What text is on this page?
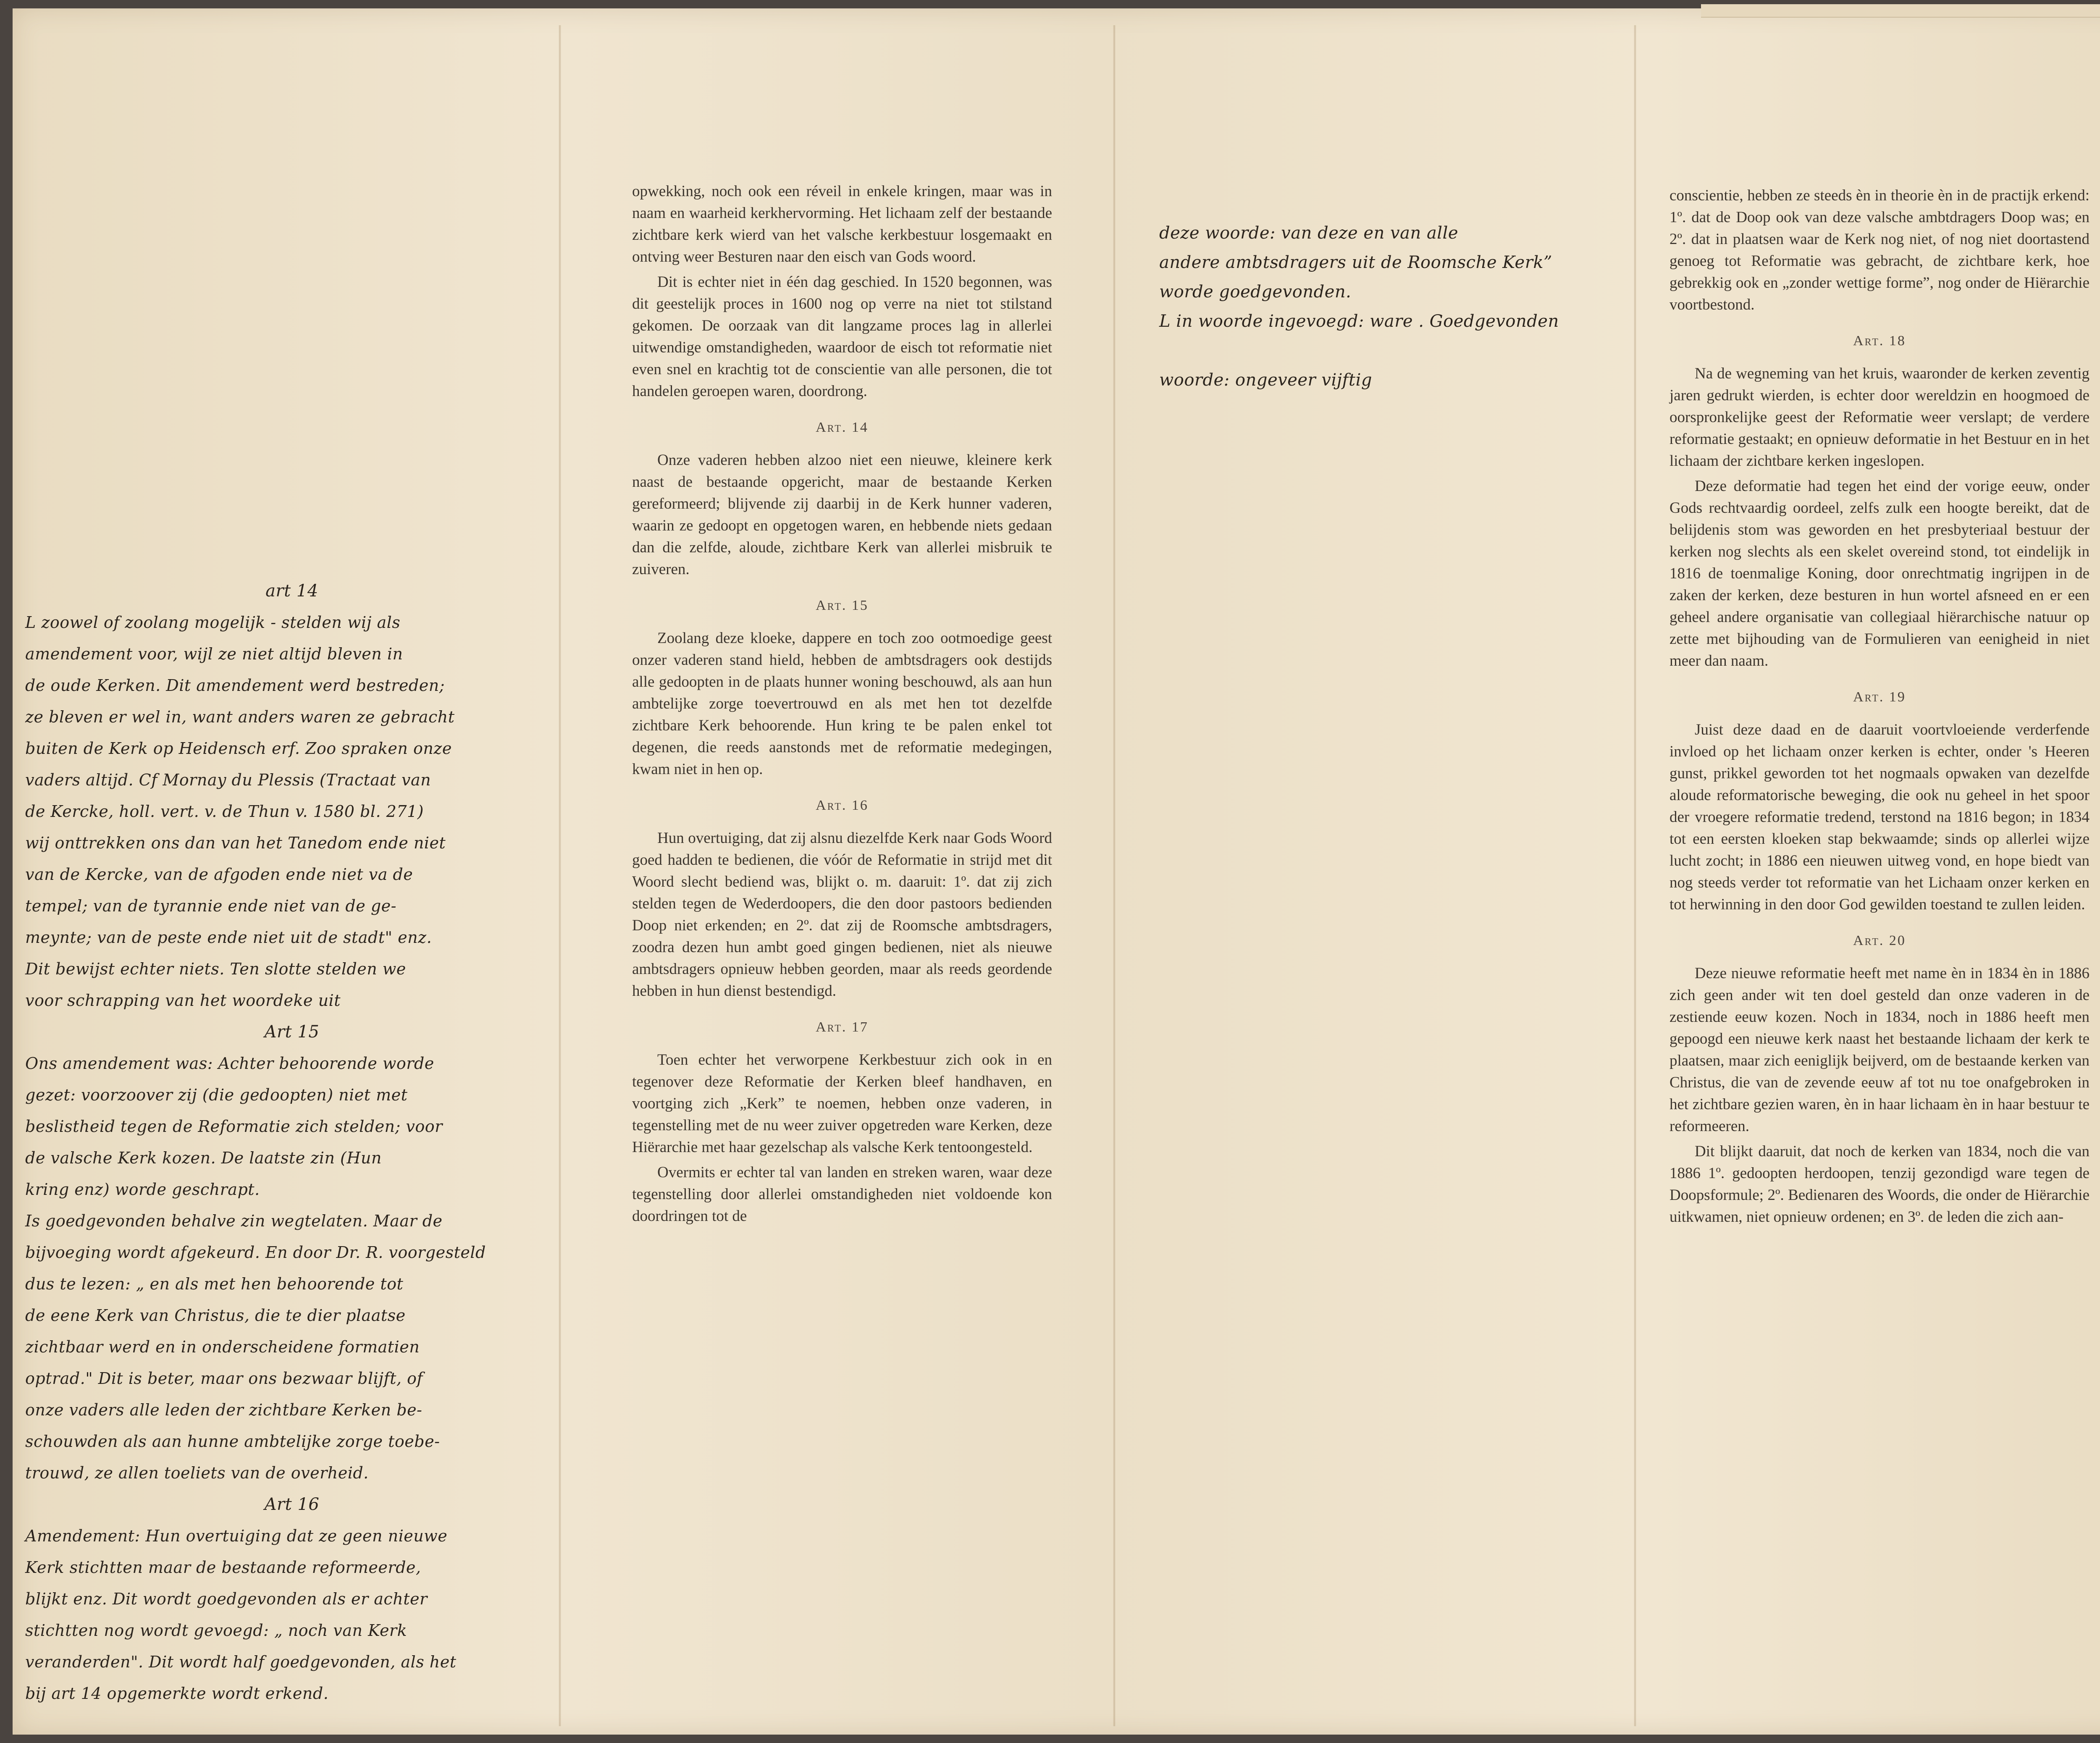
art 14
L zoowel of zoolang mogelijk - stelden wij als
amendement voor, wijl ze niet altijd bleven in
de oude Kerken. Dit amendement werd bestreden;
ze bleven er wel in, want anders waren ze gebracht
buiten de Kerk op Heidensch erf. Zoo spraken onze
vaders altijd. Cf Mornay du Plessis (Tractaat van
de Kercke, holl. vert. v. de Thun v. 1580 bl. 271)
wij onttrekken ons dan van het Tanedom ende niet
van de Kercke, van de afgoden ende niet va de
tempel; van de tyrannie ende niet van de ge-
meynte; van de peste ende niet uit de stadt" enz.
Dit bewijst echter niets. Ten slotte stelden we
voor schrapping van het woordeke uit
Art 15
Ons amendement was: Achter behoorende worde
gezet: voorzoover zij (die gedoopten) niet met
beslistheid tegen de Reformatie zich stelden; voor
de valsche Kerk kozen. De laatste zin (Hun
kring enz) worde geschrapt.
Is goedgevonden behalve zin wegtelaten. Maar de
bijvoeging wordt afgekeurd. En door Dr. R. voorgesteld
dus te lezen: „ en als met hen behoorende tot
de eene Kerk van Christus, die te dier plaatse
zichtbaar werd en in onderscheidene formatien
optrad." Dit is beter, maar ons bezwaar blijft, of
onze vaders alle leden der zichtbare Kerken be-
schouwden als aan hunne ambtelijke zorge toebe-
trouwd, ze allen toeliets van de overheid.
Art 16
Amendement: Hun overtuiging dat ze geen nieuwe
Kerk stichtten maar de bestaande reformeerde,
blijkt enz. Dit wordt goedgevonden als er achter
stichtten nog wordt gevoegd: „ noch van Kerk
veranderden". Dit wordt half goedgevonden, als het
bij art 14 opgemerkte wordt erkend.

opwekking, noch ook een réveil in enkele kringen, maar was in naam en waarheid kerkhervorming. Het lichaam zelf der bestaande zichtbare kerk wierd van het valsche kerkbestuur losgemaakt en ontving weer Besturen naar den eisch van Gods woord.

Dit is echter niet in één dag geschied. In 1520 begonnen, was dit geestelijk proces in 1600 nog op verre na niet tot stilstand gekomen. De oorzaak van dit langzame proces lag in allerlei uitwendige omstandigheden, waardoor de eisch tot reformatie niet even snel en krachtig tot de conscientie van alle personen, die tot handelen geroepen waren, doordrong.

Art. 14

Onze vaderen hebben alzoo niet een nieuwe, kleinere kerk naast de bestaande opgericht, maar de bestaande Kerken gereformeerd; blijvende zij daarbij in de Kerk hunner vaderen, waarin ze gedoopt en opgetogen waren, en hebbende niets gedaan dan die zelfde, aloude, zichtbare Kerk van allerlei misbruik te zuiveren.

Art. 15

Zoolang deze kloeke, dappere en toch zoo ootmoedige geest onzer vaderen stand hield, hebben de ambtsdragers ook destijds alle gedoopten in de plaats hunner woning beschouwd, als aan hun ambtelijke zorge toevertrouwd en als met hen tot dezelfde zichtbare Kerk behoorende. Hun kring te be palen enkel tot degenen, die reeds aanstonds met de reformatie medegingen, kwam niet in hen op.

Art. 16

Hun overtuiging, dat zij alsnu diezelfde Kerk naar Gods Woord goed hadden te bedienen, die vóór de Reformatie in strijd met dit Woord slecht bediend was, blijkt o. m. daaruit: 1º. dat zij zich stelden tegen de Wederdoopers, die den door pastoors bedienden Doop niet erkenden; en 2º. dat zij de Roomsche ambtsdragers, zoodra dezen hun ambt goed gingen bedienen, niet als nieuwe ambtsdragers opnieuw hebben georden, maar als reeds geordende hebben in hun dienst bestendigd.

Art. 17

Toen echter het verworpene Kerkbestuur zich ook in en tegenover deze Reformatie der Kerken bleef handhaven, en voortging zich „Kerk” te noemen, hebben onze vaderen, in tegenstelling met de nu weer zuiver opgetreden ware Kerken, deze Hiërarchie met haar gezelschap als valsche Kerk tentoongesteld.

Overmits er echter tal van landen en streken waren, waar deze tegenstelling door allerlei omstandigheden niet voldoende kon doordringen tot de

deze woorde: van deze en van alle
andere ambtsdragers uit de Roomsche Kerk”
worde goedgevonden.
L in woorde ingevoegd: ware . Goedgevonden

woorde: ongeveer vijftig

conscientie, hebben ze steeds èn in theorie èn in de practijk erkend: 1º. dat de Doop ook van deze valsche ambtdragers Doop was; en 2º. dat in plaatsen waar de Kerk nog niet, of nog niet doortastend genoeg tot Reformatie was gebracht, de zichtbare kerk, hoe gebrekkig ook en „zonder wettige forme”, nog onder de Hiërarchie voortbestond.

Art. 18

Na de wegneming van het kruis, waaronder de kerken zeventig jaren gedrukt wierden, is echter door wereldzin en hoogmoed de oorspronkelijke geest der Reformatie weer verslapt; de verdere reformatie gestaakt; en opnieuw deformatie in het Bestuur en in het lichaam der zichtbare kerken ingeslopen.

Deze deformatie had tegen het eind der vorige eeuw, onder Gods rechtvaardig oordeel, zelfs zulk een hoogte bereikt, dat de belijdenis stom was geworden en het presbyteriaal bestuur der kerken nog slechts als een skelet overeind stond, tot eindelijk in 1816 de toenmalige Koning, door onrechtmatig ingrijpen in de zaken der kerken, deze besturen in hun wortel afsneed en er een geheel andere organisatie van collegiaal hiërarchische natuur op zette met bijhouding van de Formulieren van eenigheid in niet meer dan naam.

Art. 19

Juist deze daad en de daaruit voortvloeiende verderfende invloed op het lichaam onzer kerken is echter, onder 's Heeren gunst, prikkel geworden tot het nogmaals opwaken van dezelfde aloude reformatorische beweging, die ook nu geheel in het spoor der vroegere reformatie tredend, terstond na 1816 begon; in 1834 tot een eersten kloeken stap bekwaamde; sinds op allerlei wijze lucht zocht; in 1886 een nieuwen uitweg vond, en hope biedt van nog steeds verder tot reformatie van het Lichaam onzer kerken en tot herwinning in den door God gewilden toestand te zullen leiden.

Art. 20

Deze nieuwe reformatie heeft met name èn in 1834 èn in 1886 zich geen ander wit ten doel gesteld dan onze vaderen in de zestiende eeuw kozen. Noch in 1834, noch in 1886 heeft men gepoogd een nieuwe kerk naast het bestaande lichaam der kerk te plaatsen, maar zich eeniglijk beijverd, om de bestaande kerken van Christus, die van de zevende eeuw af tot nu toe onafgebroken in het zichtbare gezien waren, èn in haar lichaam èn in haar bestuur te reformeeren.

Dit blijkt daaruit, dat noch de kerken van 1834, noch die van 1886 1º. gedoopten herdoopen, tenzij gezondigd ware tegen de Doopsformule; 2º. Bedienaren des Woords, die onder de Hiërarchie uitkwamen, niet opnieuw ordenen; en 3º. de leden die zich aan-
